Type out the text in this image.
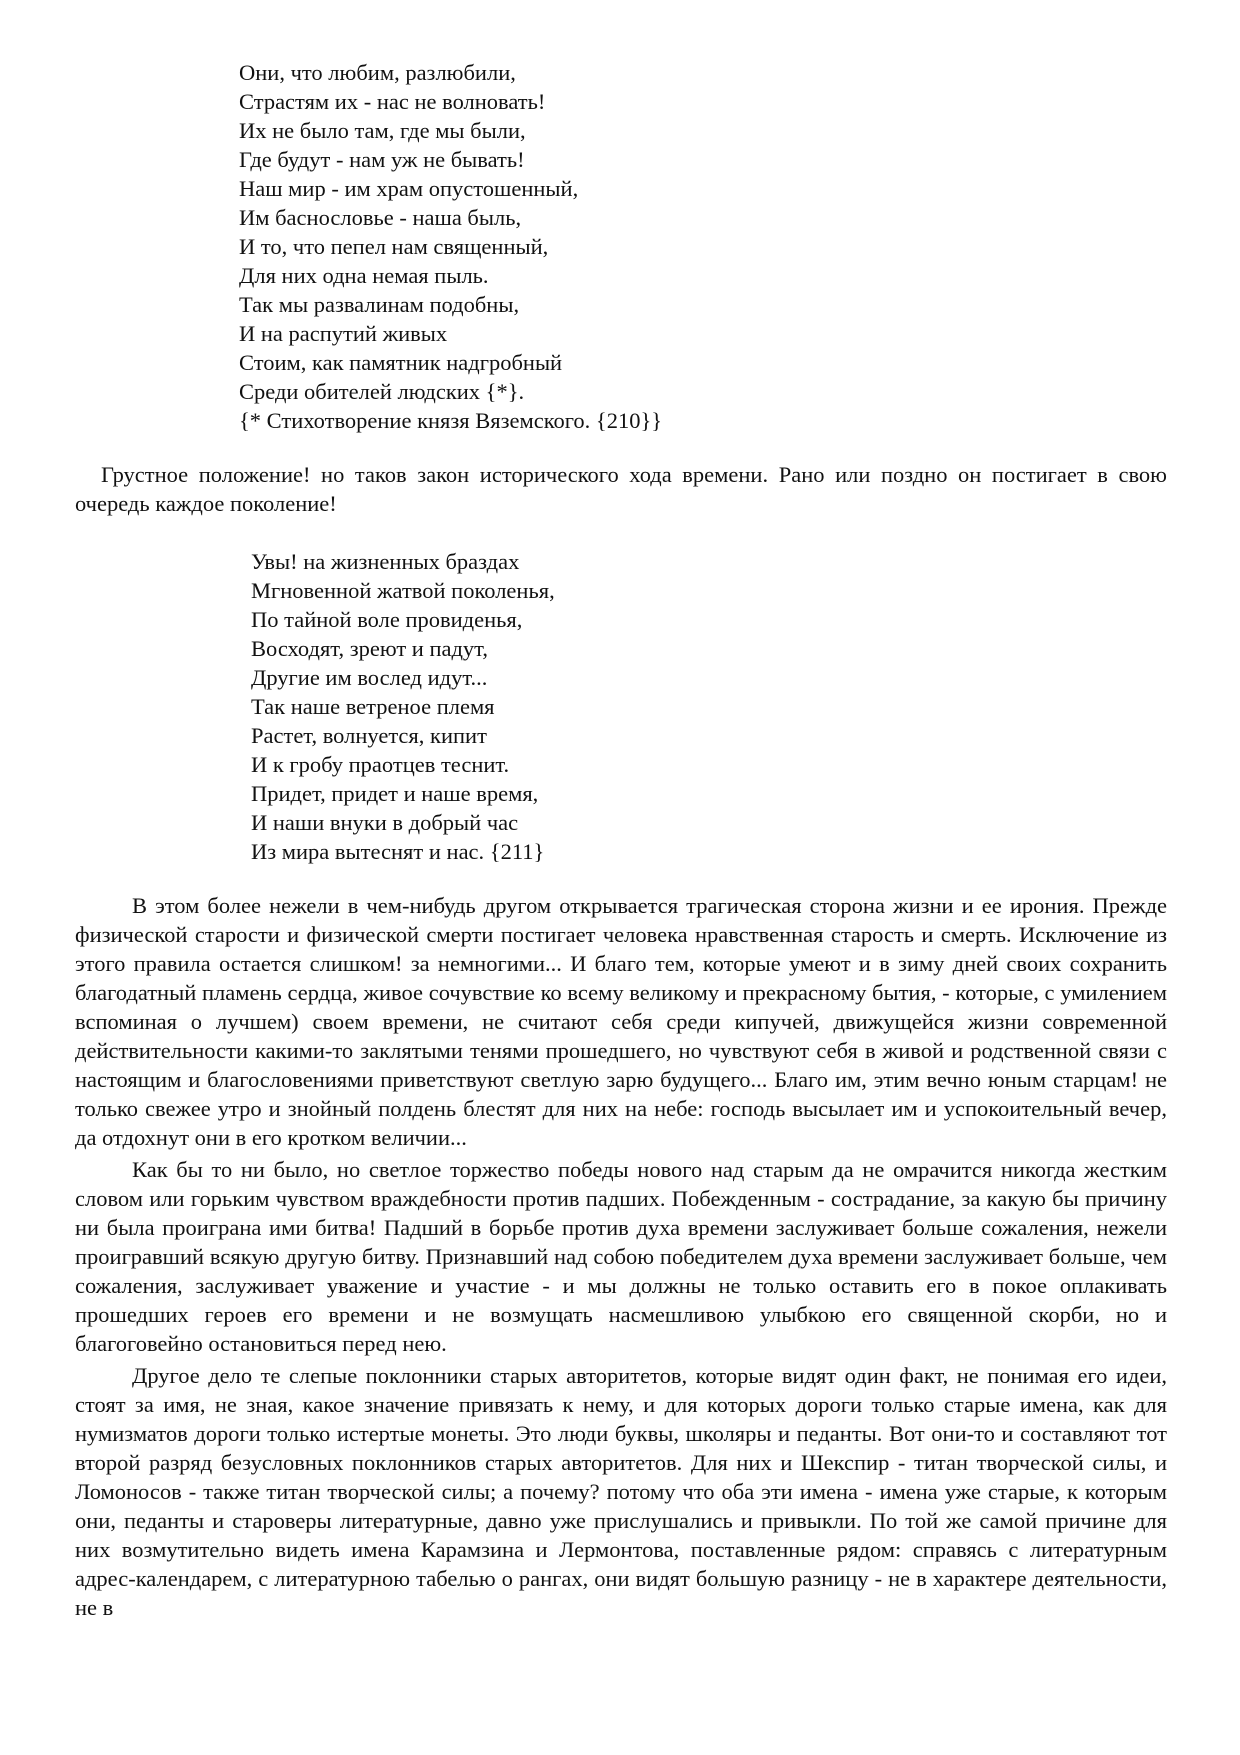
Они, что любим, разлюбили,
Страстям их - нас не волновать!
Их не было там, где мы были,
Где будут - нам уж не бывать!
Наш мир - им храм опустошенный,
Им баснословье - наша быль,
И то, что пепел нам священный,
Для них одна немая пыль.
Так мы развалинам подобны,
И на распутий живых
Стоим, как памятник надгробный
Среди обителей людских {*}.
{* Стихотворение князя Вяземского. {210}}

Грустное положение! но таков закон исторического хода времени. Рано или поздно он постигает в свою очередь каждое поколение!

Увы! на жизненных браздах
Мгновенной жатвой поколенья,
По тайной воле провиденья,
Восходят, зреют и падут,
Другие им вослед идут...
Так наше ветреное племя
Растет, волнуется, кипит
И к гробу праотцев теснит.
Придет, придет и наше время,
И наши внуки в добрый час
Из мира вытеснят и нас. {211}

В этом более нежели в чем-нибудь другом открывается трагическая сторона жизни и ее ирония. Прежде физической старости и физической смерти постигает человека нравственная старость и смерть. Исключение из этого правила остается слишком! за немногими... И благо тем, которые умеют и в зиму дней своих сохранить благодатный пламень сердца, живое сочувствие ко всему великому и прекрасному бытия, - которые, с умилением вспоминая о лучшем) своем времени, не считают себя среди кипучей, движущейся жизни современной действительности какими-то заклятыми тенями прошедшего, но чувствуют себя в живой и родственной связи с настоящим и благословениями приветствуют светлую зарю будущего... Благо им, этим вечно юным старцам! не только свежее утро и знойный полдень блестят для них на небе: господь высылает им и успокоительный вечер, да отдохнут они в его кротком величии...

Как бы то ни было, но светлое торжество победы нового над старым да не омрачится никогда жестким словом или горьким чувством враждебности против падших. Побежденным - сострадание, за какую бы причину ни была проиграна ими битва! Падший в борьбе против духа времени заслуживает больше сожаления, нежели проигравший всякую другую битву. Признавший над собою победителем духа времени заслуживает больше, чем сожаления, заслуживает уважение и участие - и мы должны не только оставить его в покое оплакивать прошедших героев его времени и не возмущать насмешливою улыбкою его священной скорби, но и благоговейно остановиться перед нею.

Другое дело те слепые поклонники старых авторитетов, которые видят один факт, не понимая его идеи, стоят за имя, не зная, какое значение привязать к нему, и для которых дороги только старые имена, как для нумизматов дороги только истертые монеты. Это люди буквы, школяры и педанты. Вот они-то и составляют тот второй разряд безусловных поклонников старых авторитетов. Для них и Шекспир - титан творческой силы, и Ломоносов - также титан творческой силы; а почему? потому что оба эти имена - имена уже старые, к которым они, педанты и староверы литературные, давно уже прислушались и привыкли. По той же самой причине для них возмутительно видеть имена Карамзина и Лермонтова, поставленные рядом: справясь с литературным адрес-календарем, с литературною табелью о рангах, они видят большую разницу - не в характере деятельности, не в
